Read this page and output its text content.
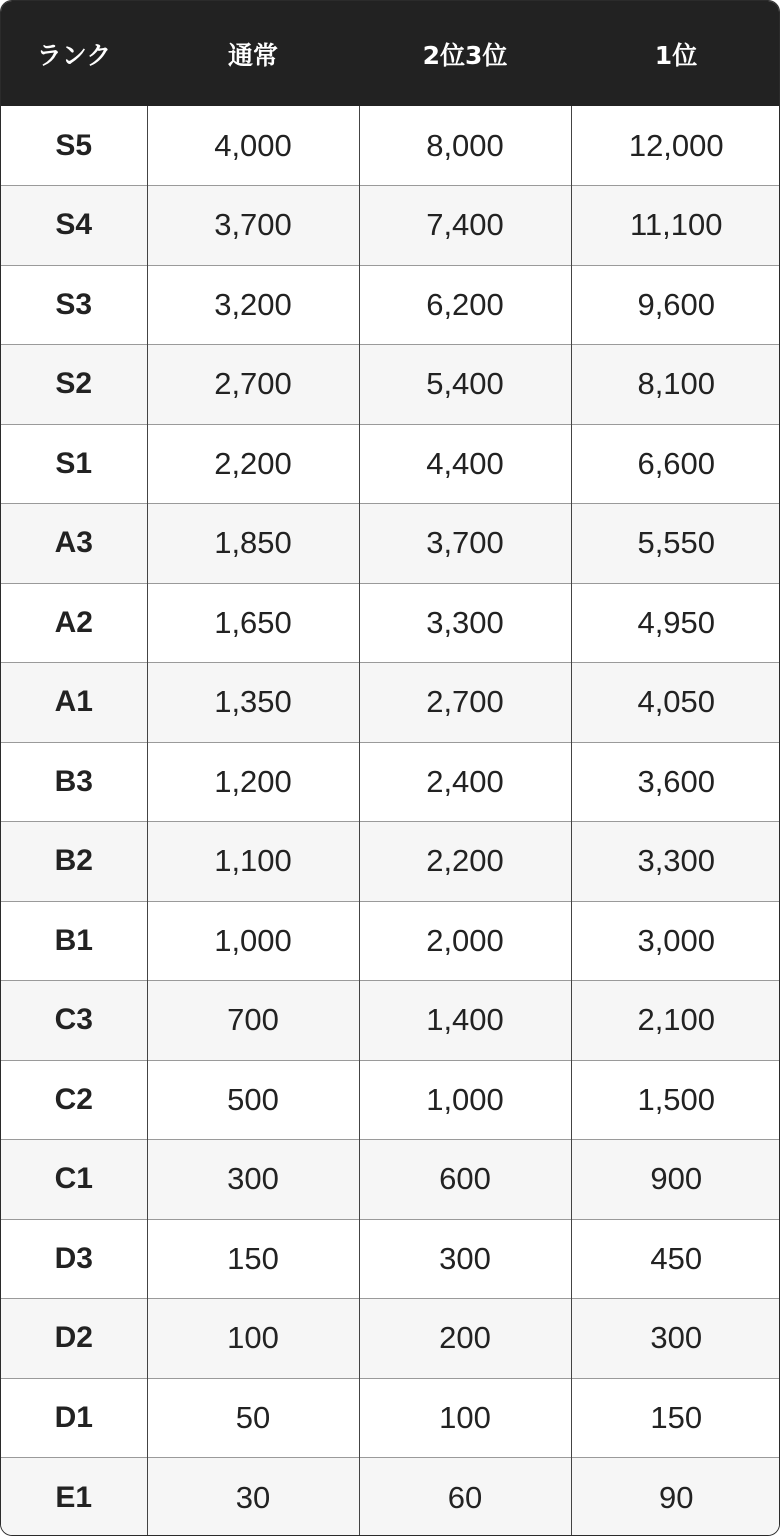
ランク	通常	2位3位	1位
S5	4,000	8,000	12,000
S4	3,700	7,400	11,100
S3	3,200	6,200	9,600
S2	2,700	5,400	8,100
S1	2,200	4,400	6,600
A3	1,850	3,700	5,550
A2	1,650	3,300	4,950
A1	1,350	2,700	4,050
B3	1,200	2,400	3,600
B2	1,100	2,200	3,300
B1	1,000	2,000	3,000
C3	700	1,400	2,100
C2	500	1,000	1,500
C1	300	600	900
D3	150	300	450
D2	100	200	300
D1	50	100	150
E1	30	60	90
